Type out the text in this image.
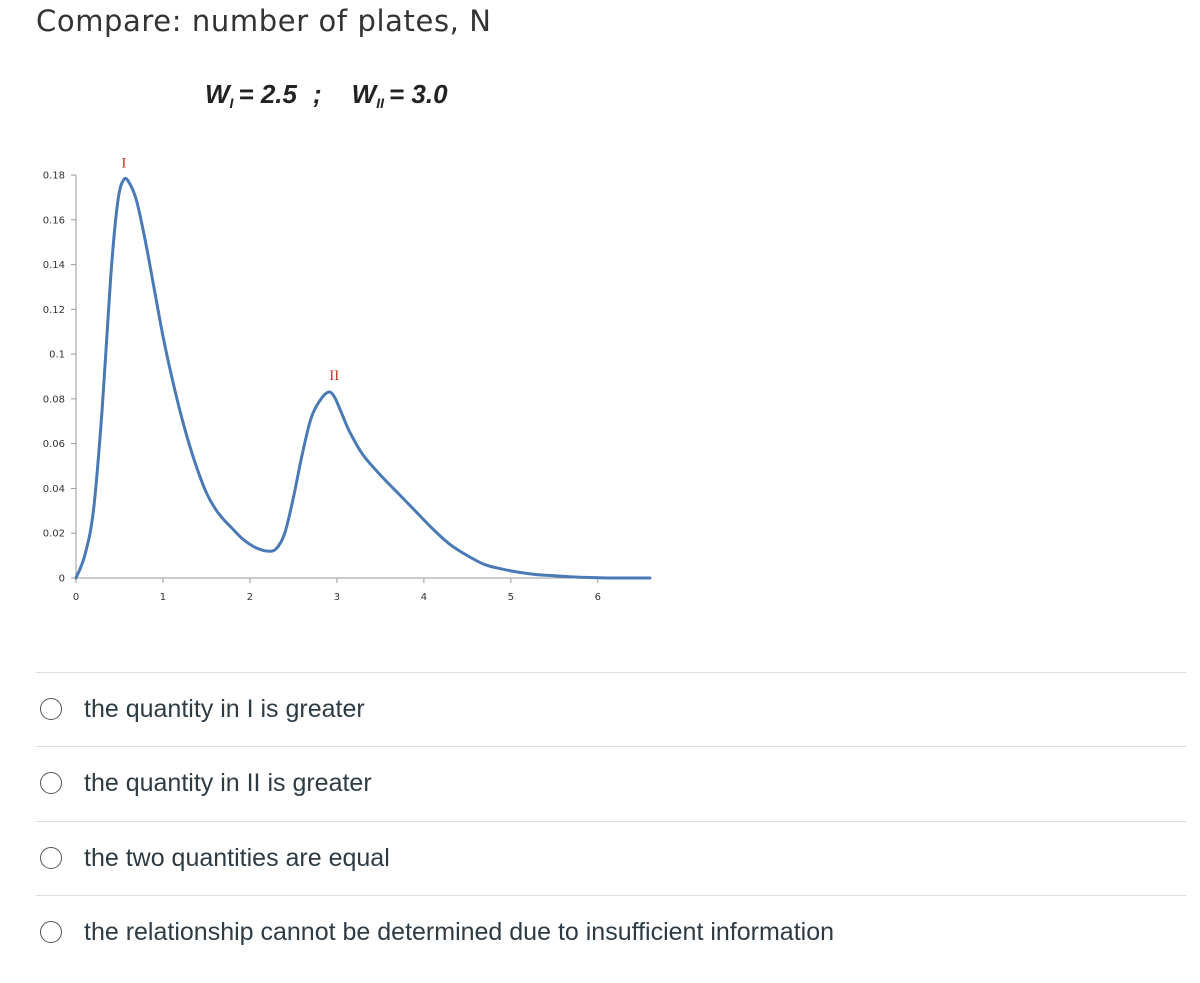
Compare: number of plates, N
WI = 2.5 ; WII = 3.0
0
0.02
0.04
0.06
0.08
0.1
0.12
0.14
0.16
0.18
0	1	2	3	4	5	6
I
II
the quantity in I is greater
the quantity in II is greater
the two quantities are equal
the relationship cannot be determined due to insufficient information
